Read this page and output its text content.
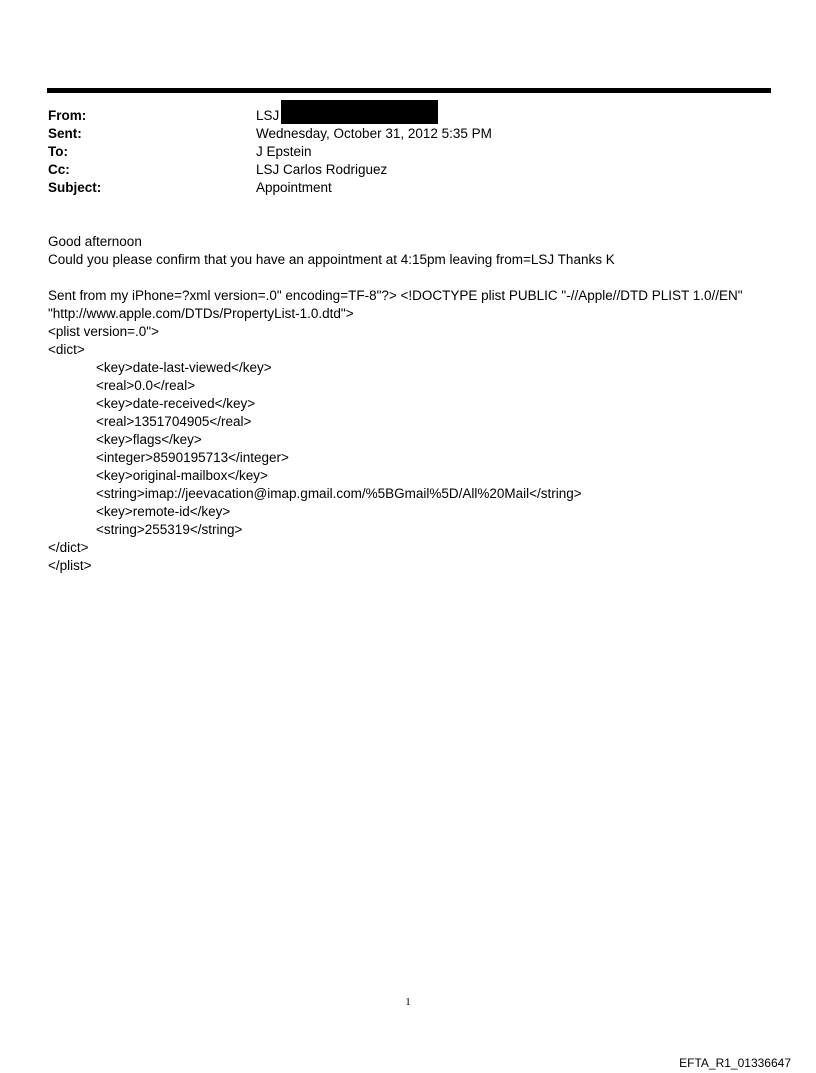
From:	LSJ
Sent:	Wednesday, October 31, 2012 5:35 PM
To:	J Epstein
Cc:	LSJ Carlos Rodriguez
Subject:	Appointment
Good afternoon
Could you please confirm that you have an appointment at 4:15pm leaving from=LSJ Thanks K
Sent from my iPhone=?xml version=.0" encoding=TF-8"?> <!DOCTYPE plist PUBLIC "-//Apple//DTD PLIST 1.0//EN"
"http://www.apple.com/DTDs/PropertyList-1.0.dtd">
<plist version=.0">
<dict>
<key>date-last-viewed</key>
<real>0.0</real>
<key>date-received</key>
<real>1351704905</real>
<key>flags</key>
<integer>8590195713</integer>
<key>original-mailbox</key>
<string>imap://jeevacation@imap.gmail.com/%5BGmail%5D/All%20Mail</string>
<key>remote-id</key>
<string>255319</string>
</dict>
</plist>
1
EFTA_R1_01336647
